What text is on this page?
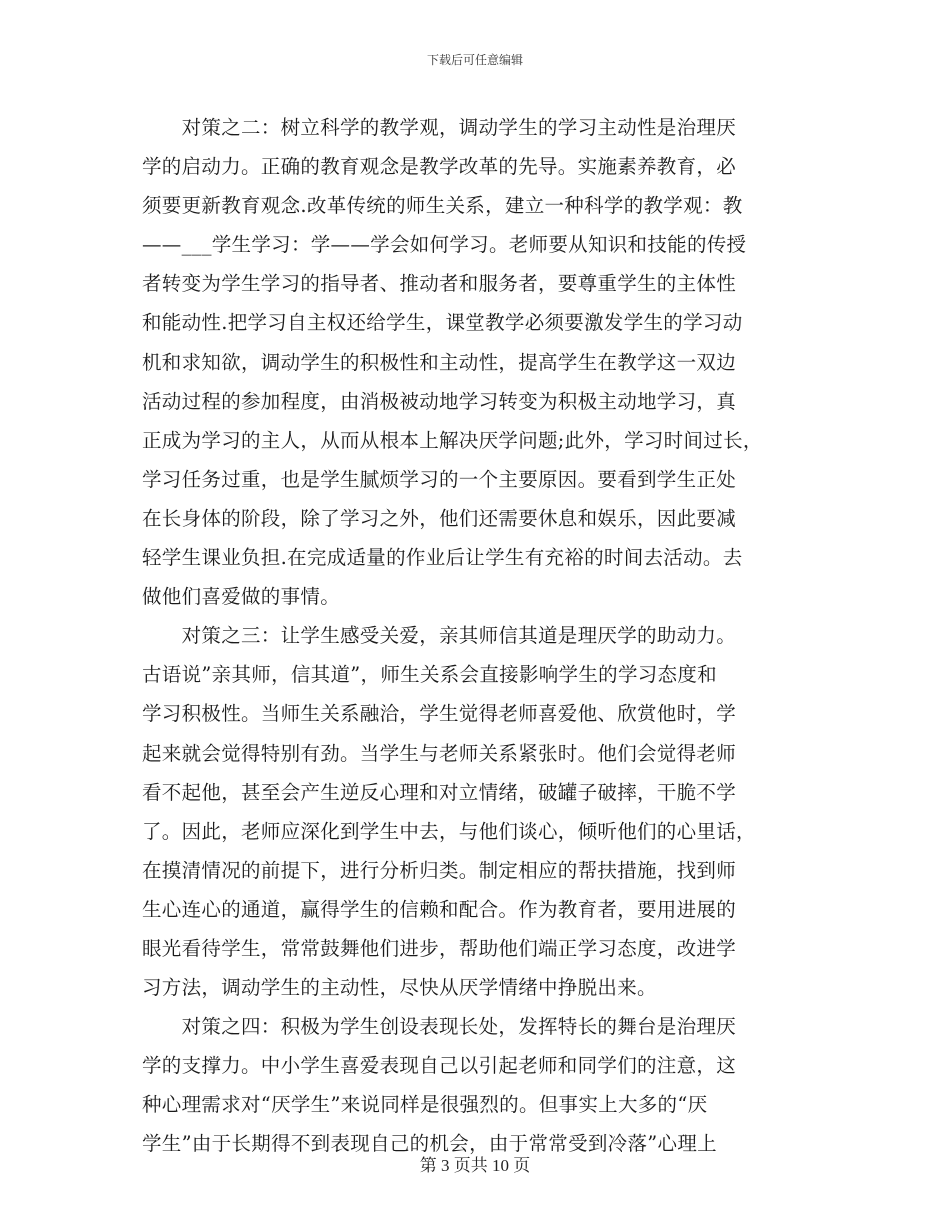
下载后可任意编辑
　　对策之二：树立科学的教学观，调动学生的学习主动性是治理厌
学的启动力。正确的教育观念是教学改革的先导。实施素养教育，必
须要更新教育观念.改革传统的师生关系，建立一种科学的教学观：教
——___学生学习：学——学会如何学习。老师要从知识和技能的传授
者转变为学生学习的指导者、推动者和服务者，要尊重学生的主体性
和能动性.把学习自主权还给学生，课堂教学必须要激发学生的学习动
机和求知欲，调动学生的积极性和主动性，提高学生在教学这一双边
活动过程的参加程度，由消极被动地学习转变为积极主动地学习，真
正成为学习的主人，从而从根本上解决厌学问题;此外，学习时间过长，
学习任务过重，也是学生腻烦学习的一个主要原因。要看到学生正处
在长身体的阶段，除了学习之外，他们还需要休息和娱乐，因此要减
轻学生课业负担.在完成适量的作业后让学生有充裕的时间去活动。去
做他们喜爱做的事情。
　　对策之三：让学生感受关爱，亲其师信其道是理厌学的助动力。
古语说”亲其师，信其道”，师生关系会直接影响学生的学习态度和
学习积极性。当师生关系融洽，学生觉得老师喜爱他、欣赏他时，学
起来就会觉得特别有劲。当学生与老师关系紧张时。他们会觉得老师
看不起他，甚至会产生逆反心理和对立情绪，破罐子破摔，干脆不学
了。因此，老师应深化到学生中去，与他们谈心，倾听他们的心里话，
在摸清情况的前提下，进行分析归类。制定相应的帮扶措施，找到师
生心连心的通道，赢得学生的信赖和配合。作为教育者，要用进展的
眼光看待学生，常常鼓舞他们进步，帮助他们端正学习态度，改进学
习方法，调动学生的主动性，尽快从厌学情绪中挣脱出来。
　　对策之四：积极为学生创设表现长处，发挥特长的舞台是治理厌
学的支撑力。中小学生喜爱表现自己以引起老师和同学们的注意，这
种心理需求对“厌学生”来说同样是很强烈的。但事实上大多的“厌
学生”由于长期得不到表现自己的机会，由于常常受到冷落”心理上
第 3 页共 10 页
